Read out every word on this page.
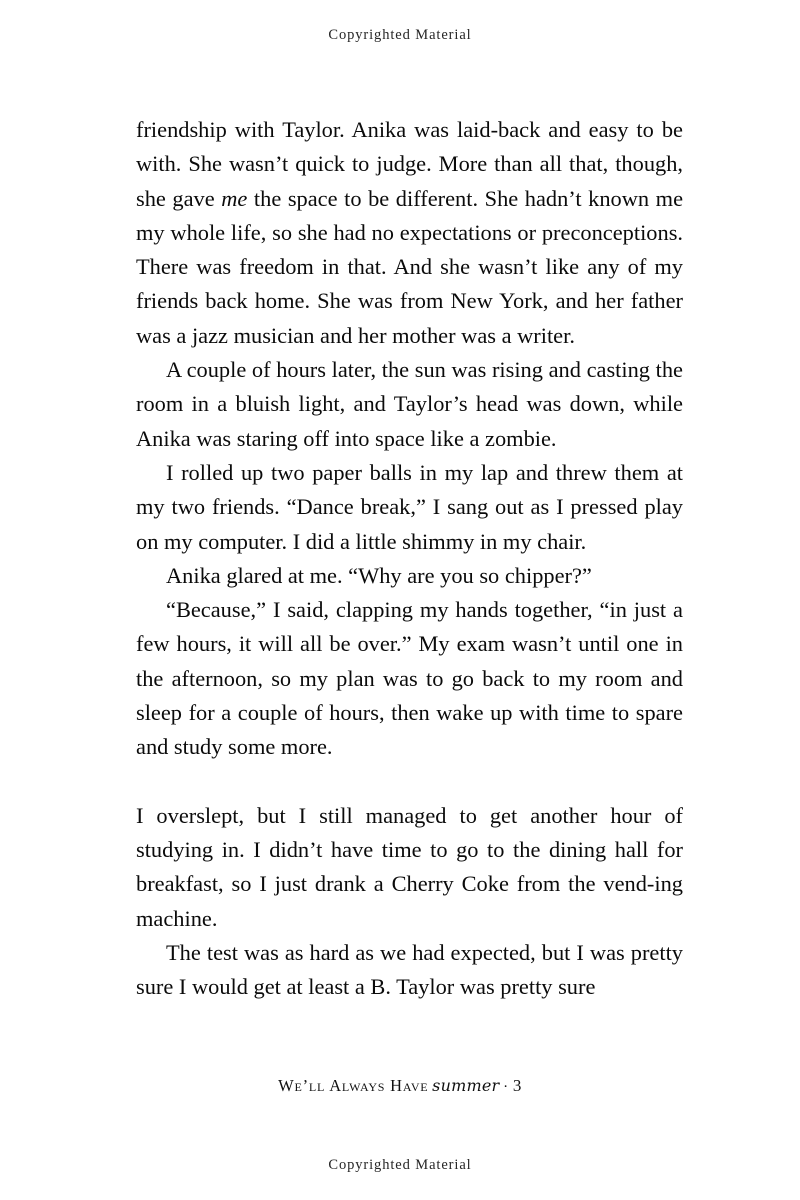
Copyrighted Material

friendship with Taylor. Anika was laid-back and easy to be with. She wasn’t quick to judge. More than all that, though, she gave me the space to be different. She hadn’t known me my whole life, so she had no expectations or preconceptions. There was freedom in that. And she wasn’t like any of my friends back home. She was from New York, and her father was a jazz musician and her mother was a writer.

A couple of hours later, the sun was rising and casting the room in a bluish light, and Taylor’s head was down, while Anika was staring off into space like a zombie.

I rolled up two paper balls in my lap and threw them at my two friends. “Dance break,” I sang out as I pressed play on my computer. I did a little shimmy in my chair.

Anika glared at me. “Why are you so chipper?”

“Because,” I said, clapping my hands together, “in just a few hours, it will all be over.” My exam wasn’t until one in the afternoon, so my plan was to go back to my room and sleep for a couple of hours, then wake up with time to spare and study some more.

I overslept, but I still managed to get another hour of studying in. I didn’t have time to go to the dining hall for breakfast, so I just drank a Cherry Coke from the vend-ing machine.

The test was as hard as we had expected, but I was pretty sure I would get at least a B. Taylor was pretty sure

We’ll Always Have summer · 3
Copyrighted Material
